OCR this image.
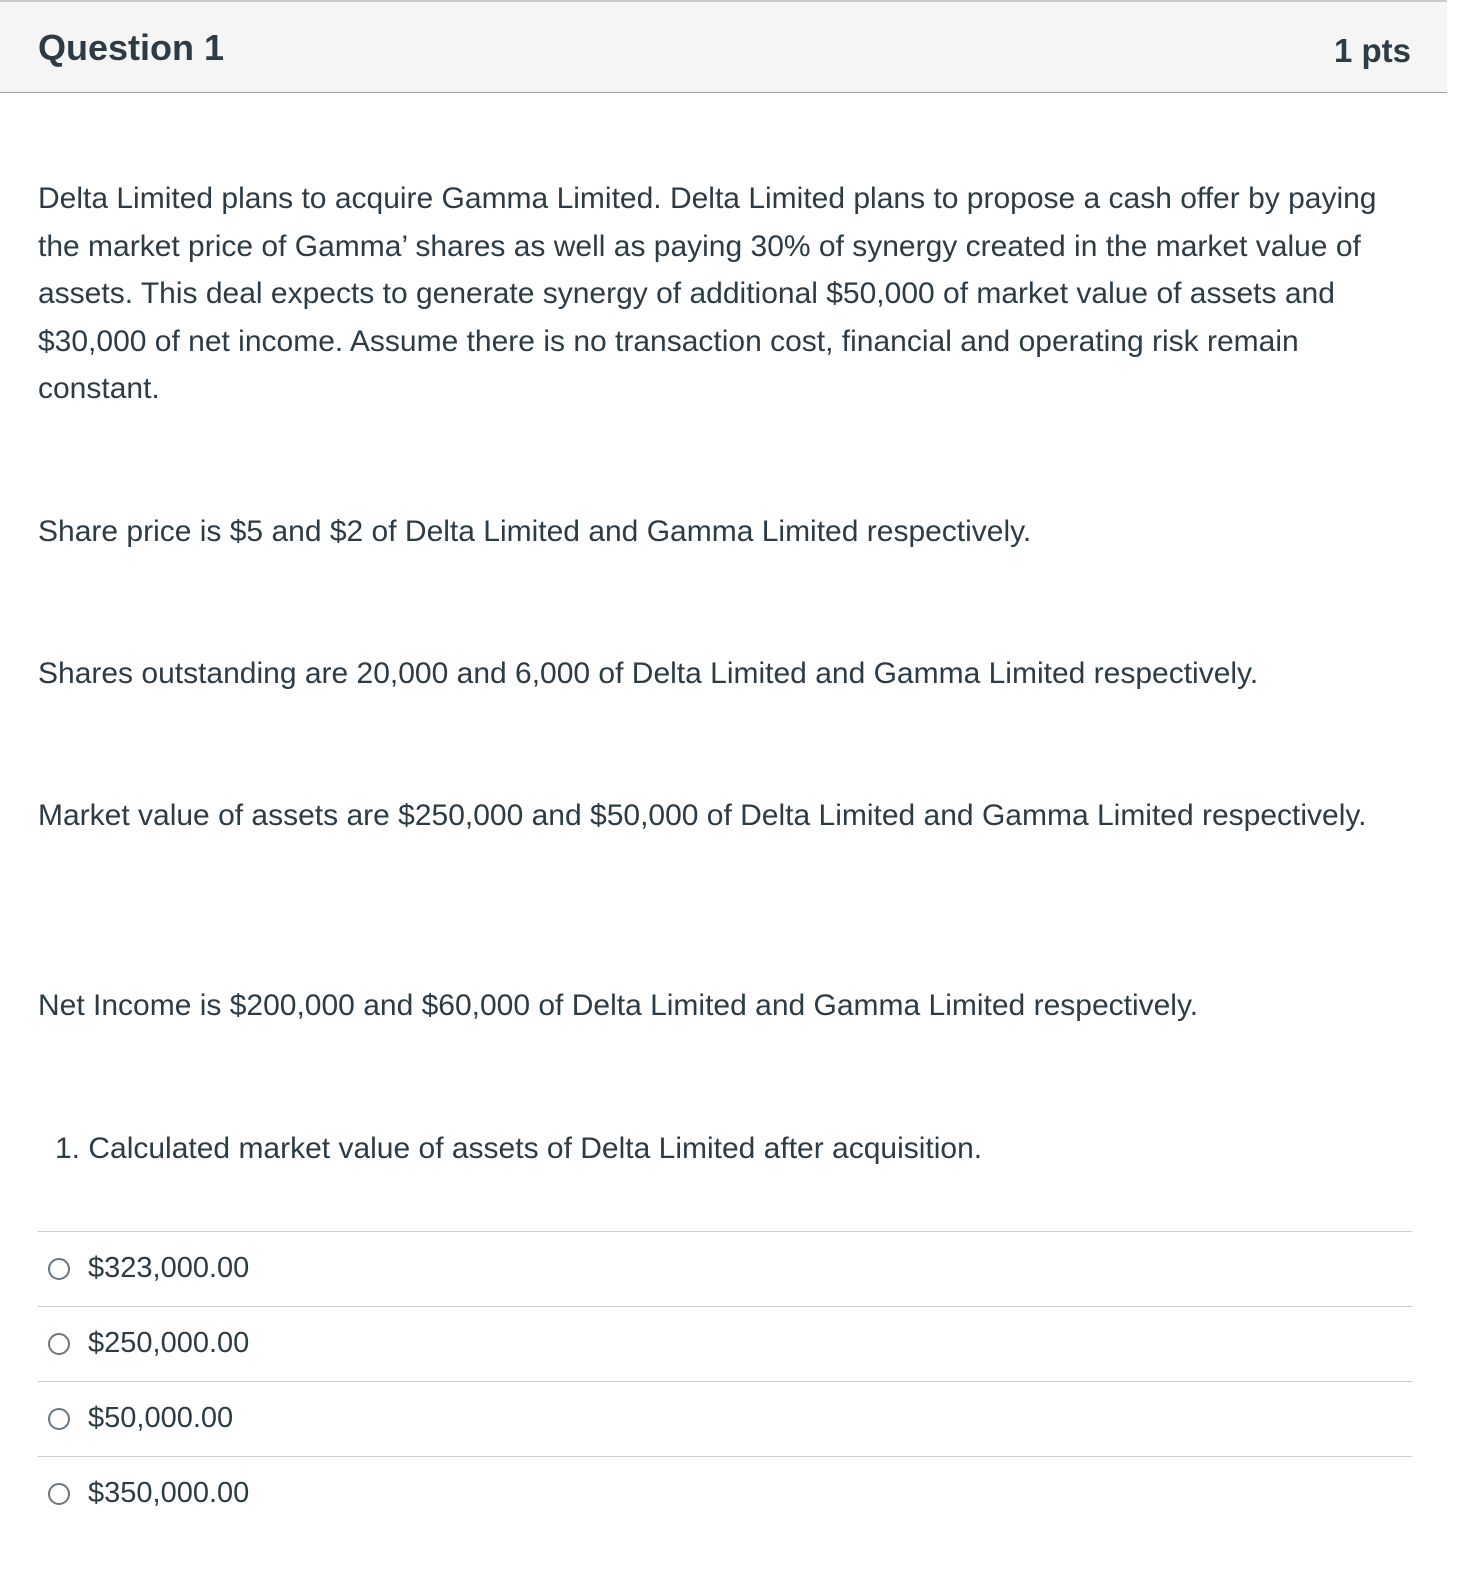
Question 1	1 pts

Delta Limited plans to acquire Gamma Limited. Delta Limited plans to propose a cash offer by paying the market price of Gamma’ shares as well as paying 30% of synergy created in the market value of assets. This deal expects to generate synergy of additional $50,000 of market value of assets and $30,000 of net income. Assume there is no transaction cost, financial and operating risk remain constant.

Share price is $5 and $2 of Delta Limited and Gamma Limited respectively.

Shares outstanding are 20,000 and 6,000 of Delta Limited and Gamma Limited respectively.

Market value of assets are $250,000 and $50,000 of Delta Limited and Gamma Limited respectively.

Net Income is $200,000 and $60,000 of Delta Limited and Gamma Limited respectively.

1. Calculated market value of assets of Delta Limited after acquisition.

$323,000.00
$250,000.00
$50,000.00
$350,000.00
